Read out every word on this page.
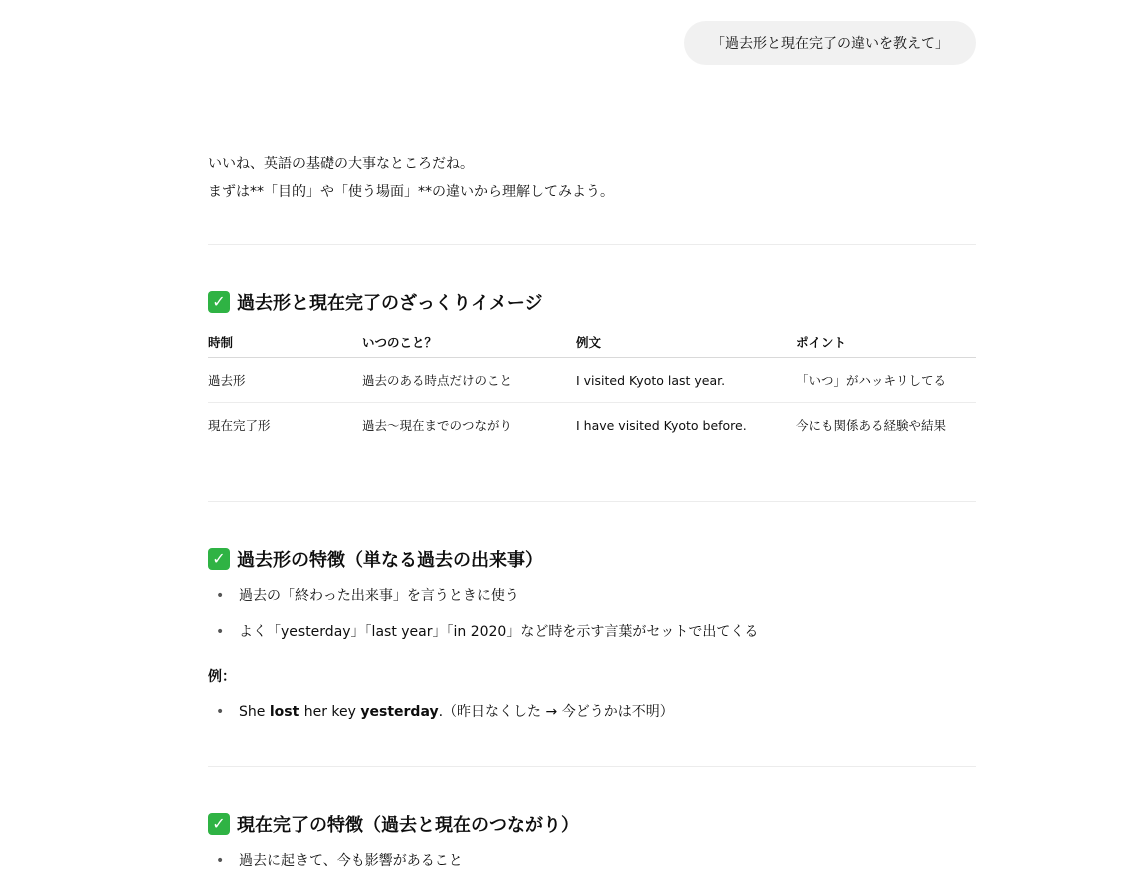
「過去形と現在完了の違いを教えて」
いいね、英語の基礎の大事なところだね。
まずは**「目的」や「使う場面」**の違いから理解してみよう。
✓ 過去形と現在完了のざっくりイメージ
時制	いつのこと？	例文	ポイント
過去形	過去のある時点だけのこと	I visited Kyoto last year.	「いつ」がハッキリしてる
現在完了形	過去〜現在までのつながり	I have visited Kyoto before.	今にも関係ある経験や結果
✓ 過去形の特徴（単なる過去の出来事）
• 過去の「終わった出来事」を言うときに使う
• よく「yesterday」「last year」「in 2020」など時を示す言葉がセットで出てくる
例：
• She lost her key yesterday.（昨日なくした → 今どうかは不明）
✓ 現在完了の特徴（過去と現在のつながり）
• 過去に起きて、今も影響があること
